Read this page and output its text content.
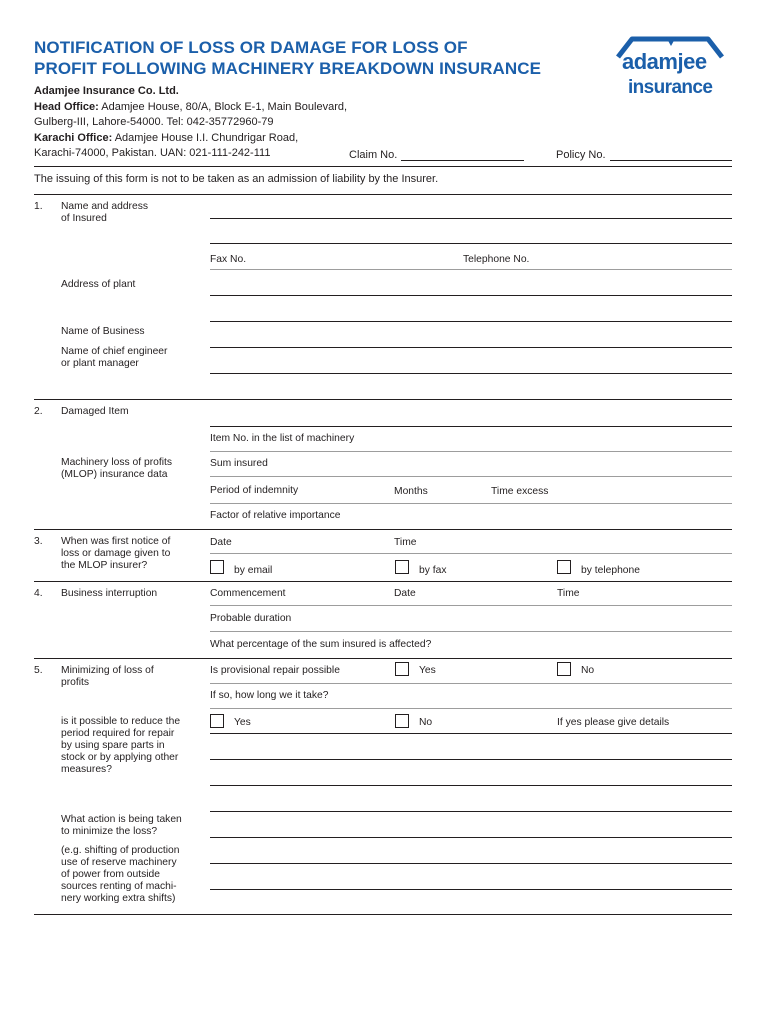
NOTIFICATION OF LOSS OR DAMAGE FOR LOSS OF
PROFIT FOLLOWING MACHINERY BREAKDOWN INSURANCE
Adamjee Insurance Co. Ltd.
Head Office: Adamjee House, 80/A, Block E-1, Main Boulevard,
Gulberg-III, Lahore-54000. Tel: 042-35772960-79
Karachi Office: Adamjee House I.I. Chundrigar Road,
Karachi-74000, Pakistan. UAN: 021-111-242-111
adamjee
insurance
Claim No.	Policy No.
The issuing of this form is not to be taken as an admission of liability by the Insurer.
1. Name and address
of Insured
Fax No.	Telephone No.
Address of plant
Name of Business
Name of chief engineer
or plant manager
2. Damaged Item
Item No. in the list of machinery
Machinery loss of profits
(MLOP) insurance data
Sum insured
Period of indemnity	Months	Time excess
Factor of relative importance
3. When was first notice of
loss or damage given to
the MLOP insurer?
Date	Time
by email	by fax	by telephone
4. Business interruption	Commencement	Date	Time
Probable duration
What percentage of the sum insured is affected?
5. Minimizing of loss of
profits
Is provisional repair possible	Yes	No
If so, how long we it take?
is it possible to reduce the
period required for repair
by using spare parts in
stock or by applying other
measures?
Yes	No	If yes please give details
What action is being taken
to minimize the loss?
(e.g. shifting of production
use of reserve machinery
of power from outside
sources renting of machi-
nery working extra shifts)
